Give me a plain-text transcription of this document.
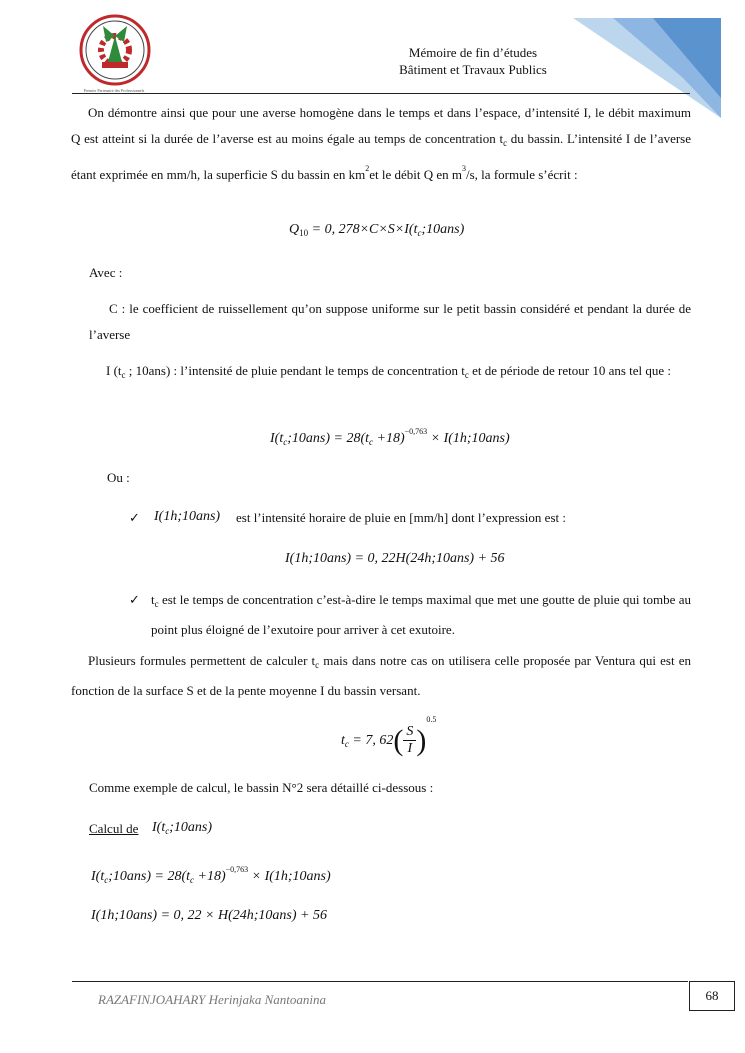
Premier Partenaire des Professionnels
Mémoire de fin d’études
Bâtiment et Travaux Publics
On démontre ainsi que pour une averse homogène dans le temps et dans l’espace, d’intensité I, le débit maximum Q est atteint si la durée de l’averse est au moins égale au temps de concentration $t_c$ du bassin. L’intensité I de l’averse étant exprimée en mm/h, la superficie S du bassin en $km^2et$ le débit Q en $m^3/s$, la formule s’écrit :
$Q_{10} = 0$, $278\times C\times S\times I(t_c;10ans)$
Avec :
C : le coefficient de ruissellement qu’on suppose uniforme sur le petit bassin considéré et pendant la durée de l’averse
I ($t_c$ ; 10ans) : l’intensité de pluie pendant le temps de concentration $t_c$ et de période de retour 10 ans tel que :
$I(t_c;10ans) = 28(t_c +18)^{-0,763}$ × I(1h;10ans)
Ou :
✓ I(1h;10ans) est l’intensité horaire de pluie en [mm/h] dont l’expression est :
I(1h;10ans) = 0, 22H(24h;10ans) + 56
✓ $t_c$ est le temps de concentration c’est-à-dire le temps maximal que met une goutte de pluie qui tombe au point plus éloigné de l’exutoire pour arriver à cet exutoire.
Plusieurs formules permettent de calculer $t_c$ mais dans notre cas on utilisera celle proposée par Ventura qui est en fonction de la surface S et de la pente moyenne I du bassin versant.
$t_c = 7$, $62( \frac{S}{I} )^{0.5}$
Comme exemple de calcul, le bassin N°2 sera détaillé ci-dessous :
Calcul de $I(t_c;10ans)$
$I(t_c;10ans) = 28(t_c +18)^{-0,763}$ × I(1h;10ans)
I(1h;10ans) = 0, 22 × H(24h;10ans) + 56
RAZAFINJOAHARY Herinjaka Nantoanina	68
